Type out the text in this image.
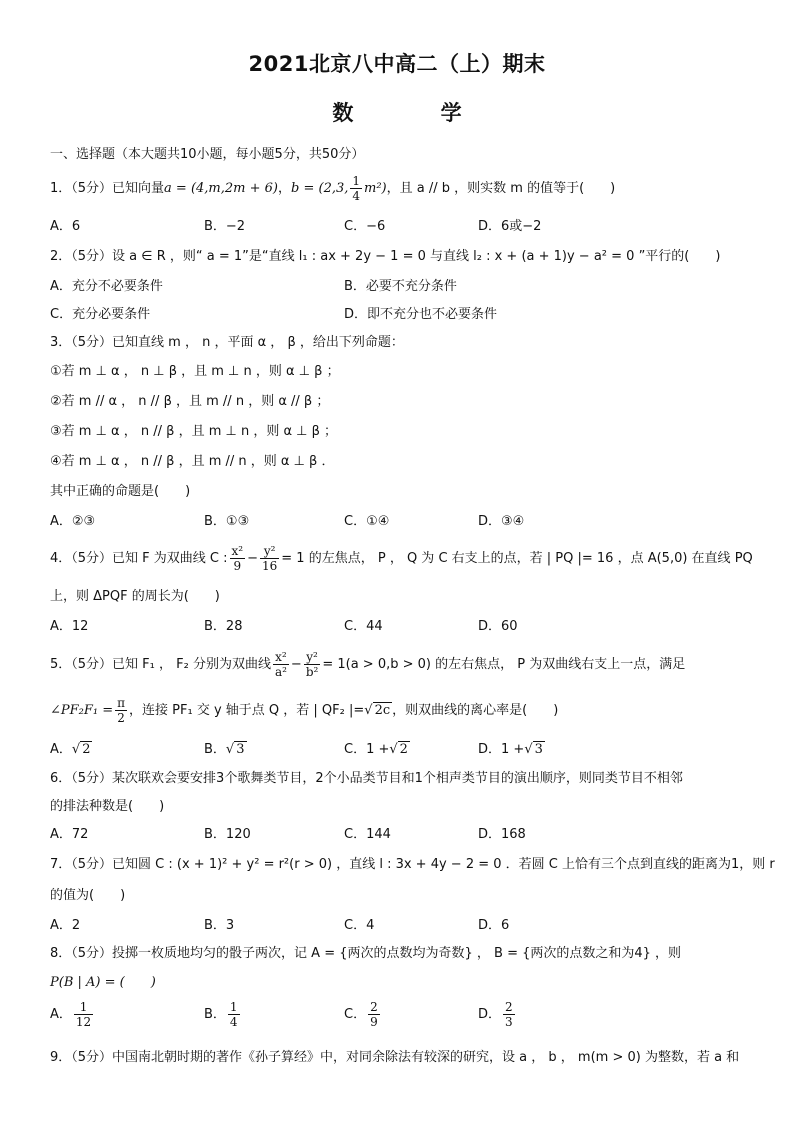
2021北京八中高二（上）期末
数 学
一、选择题（本大题共10小题，每小题5分，共50分）
1．（5分）已知向量a = (4,m,2m + 6)，b = (2,3, $\frac{1}{4} m^2$)，且 a // b ，则实数 m 的值等于(　　)
A．6	B．−2	C．−6	D．6或−2
2．（5分）设 a ∈ R ，则“ a = 1”是“直线 l₁ : ax + 2y − 1 = 0 与直线 l₂ : x + (a + 1)y − a² = 0 ”平行的(　　)
A．充分不必要条件	B．必要不充分条件
C．充分必要条件	D．即不充分也不必要条件
3．（5分）已知直线 m ， n ，平面 α ， β ，给出下列命题：
①若 m ⊥ α ， n ⊥ β ，且 m ⊥ n ，则 α ⊥ β ；
②若 m // α ， n // β ，且 m // n ，则 α // β ；
③若 m ⊥ α ， n // β ，且 m ⊥ n ，则 α ⊥ β ；
④若 m ⊥ α ， n // β ，且 m // n ，则 α ⊥ β ．
其中正确的命题是(　　)
A．②③	B．①③	C．①④	D．③④
4．（5分）已知 F 为双曲线 C : $\frac{\text{x²}}{9} - \frac{\text{y²}}{16} = 1$ 的左焦点， P ， Q 为 C 右支上的点，若 | PQ |= 16 ，点 A(5,0) 在直线 PQ
上，则 ΔPQF 的周长为(　　)
A．12	B．28	C．44	D．60
5．（5分）已知 F₁ ， F₂ 分别为双曲线 $\frac{\text{x²}}{\text{a²}} - \frac{\text{y²}}{\text{b²}} = 1(a > 0,b > 0)$ 的左右焦点， P 为双曲线右支上一点，满足
∠PF₂F₁ = $\frac{\pi}{2}$ ，连接 PF₁ 交 y 轴于点 Q ，若 | QF₂ |=√ 2c ，则双曲线的离心率是(　　)
A．√ 2	B．√ 3	C．1 +√ 2	D．1 +√ 3
6．（5分）某次联欢会要安排3个歌舞类节目，2个小品类节目和1个相声类节目的演出顺序，则同类节目不相邻
的排法种数是(　　)
A．72	B．120	C．144	D．168
7．（5分）已知圆 C : (x + 1)² + y² = r²(r > 0) ，直线 l : 3x + 4y − 2 = 0 ．若圆 C 上恰有三个点到直线的距离为1，则 r
的值为(　　)
A．2	B．3	C．4	D．6
8．（5分）投掷一枚质地均匀的骰子两次，记 A = {两次的点数均为奇数} ， B = {两次的点数之和为4} ，则
P(B | A) = (　　)
A． $\frac{1}{12}$	B． $\frac{1}{4}$	C． $\frac{2}{9}$	D． $\frac{2}{3}$
9．（5分）中国南北朝时期的著作《孙子算经》中，对同余除法有较深的研究，设 a ， b ， m(m > 0) 为整数，若 a 和
